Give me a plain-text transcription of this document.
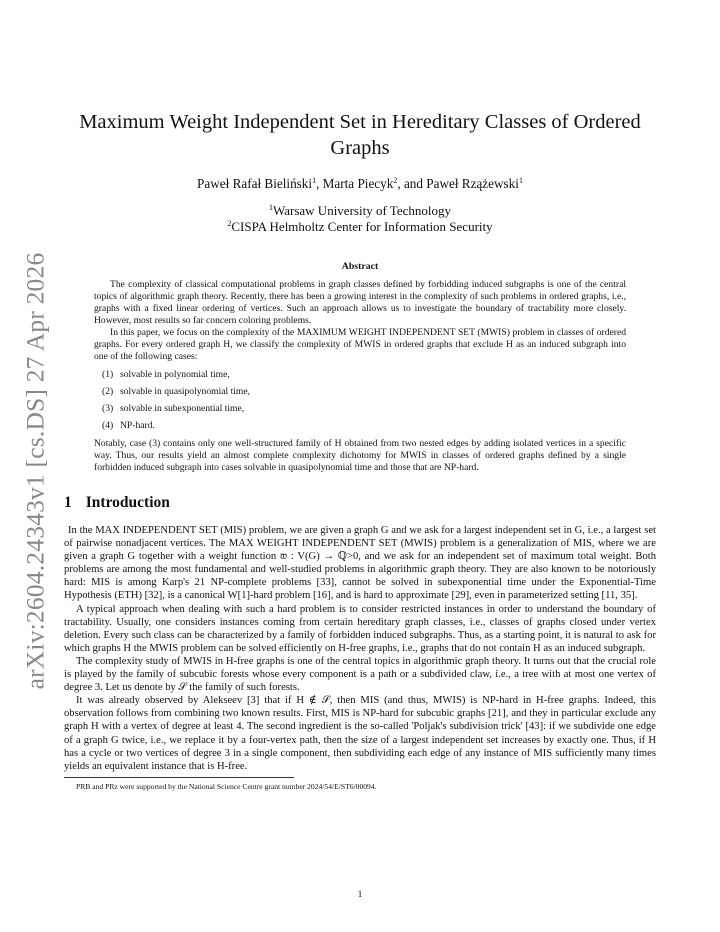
arXiv:2604.24343v1 [cs.DS] 27 Apr 2026
Maximum Weight Independent Set in Hereditary Classes of Ordered Graphs
Paweł Rafał Bieliński$^1$, Marta Piecyk$^2$, and Paweł Rzążewski$^1$
$^1$Warsaw University of Technology
$^2$CISPA Helmholtz Center for Information Security
Abstract

The complexity of classical computational problems in graph classes defined by forbidding induced subgraphs is one of the central topics of algorithmic graph theory. Recently, there has been a growing interest in the complexity of such problems in ordered graphs, i.e., graphs with a fixed linear ordering of vertices. Such an approach allows us to investigate the boundary of tractability more closely. However, most results so far concern coloring problems.

In this paper, we focus on the complexity of the MAXIMUM WEIGHT INDEPENDENT SET (MWIS) problem in classes of ordered graphs. For every ordered graph H, we classify the complexity of MWIS in ordered graphs that exclude H as an induced subgraph into one of the following cases:

(1) solvable in polynomial time,
(2) solvable in quasipolynomial time,
(3) solvable in subexponential time,
(4) NP-hard.

Notably, case (3) contains only one well-structured family of H obtained from two nested edges by adding isolated vertices in a specific way. Thus, our results yield an almost complete complexity dichotomy for MWIS in classes of ordered graphs defined by a single forbidden induced subgraph into cases solvable in quasipolynomial time and those that are NP-hard.

1 Introduction

In the MAX INDEPENDENT SET (MIS) problem, we are given a graph G and we ask for a largest independent set in G, i.e., a largest set of pairwise nonadjacent vertices. The MAX WEIGHT INDEPENDENT SET (MWIS) problem is a generalization of MIS, where we are given a graph G together with a weight function 𝔴 : V(G) → ℚ>0, and we ask for an independent set of maximum total weight. Both problems are among the most fundamental and well-studied problems in algorithmic graph theory. They are also known to be notoriously hard: MIS is among Karp's 21 NP-complete problems [33], cannot be solved in subexponential time under the Exponential-Time Hypothesis (ETH) [32], is a canonical W[1]-hard problem [16], and is hard to approximate [29], even in parameterized setting [11, 35].

A typical approach when dealing with such a hard problem is to consider restricted instances in order to understand the boundary of tractability. Usually, one considers instances coming from certain hereditary graph classes, i.e., classes of graphs closed under vertex deletion. Every such class can be characterized by a family of forbidden induced subgraphs. Thus, as a starting point, it is natural to ask for which graphs H the MWIS problem can be solved efficiently on H-free graphs, i.e., graphs that do not contain H as an induced subgraph.

The complexity study of MWIS in H-free graphs is one of the central topics in algorithmic graph theory. It turns out that the crucial role is played by the family of subcubic forests whose every component is a path or a subdivided claw, i.e., a tree with at most one vertex of degree 3. Let us denote by 𝒮 the family of such forests.

It was already observed by Alekseev [3] that if H ∉ 𝒮, then MIS (and thus, MWIS) is NP-hard in H-free graphs. Indeed, this observation follows from combining two known results. First, MIS is NP-hard for subcubic graphs [21], and they in particular exclude any graph H with a vertex of degree at least 4. The second ingredient is the so-called 'Poljak's subdivision trick' [43]: if we subdivide one edge of a graph G twice, i.e., we replace it by a four-vertex path, then the size of a largest independent set increases by exactly one. Thus, if H has a cycle or two vertices of degree 3 in a single component, then subdividing each edge of any instance of MIS sufficiently many times yields an equivalent instance that is H-free.

PRB and PRz were supported by the National Science Centre grant number 2024/54/E/ST6/00094.
1
